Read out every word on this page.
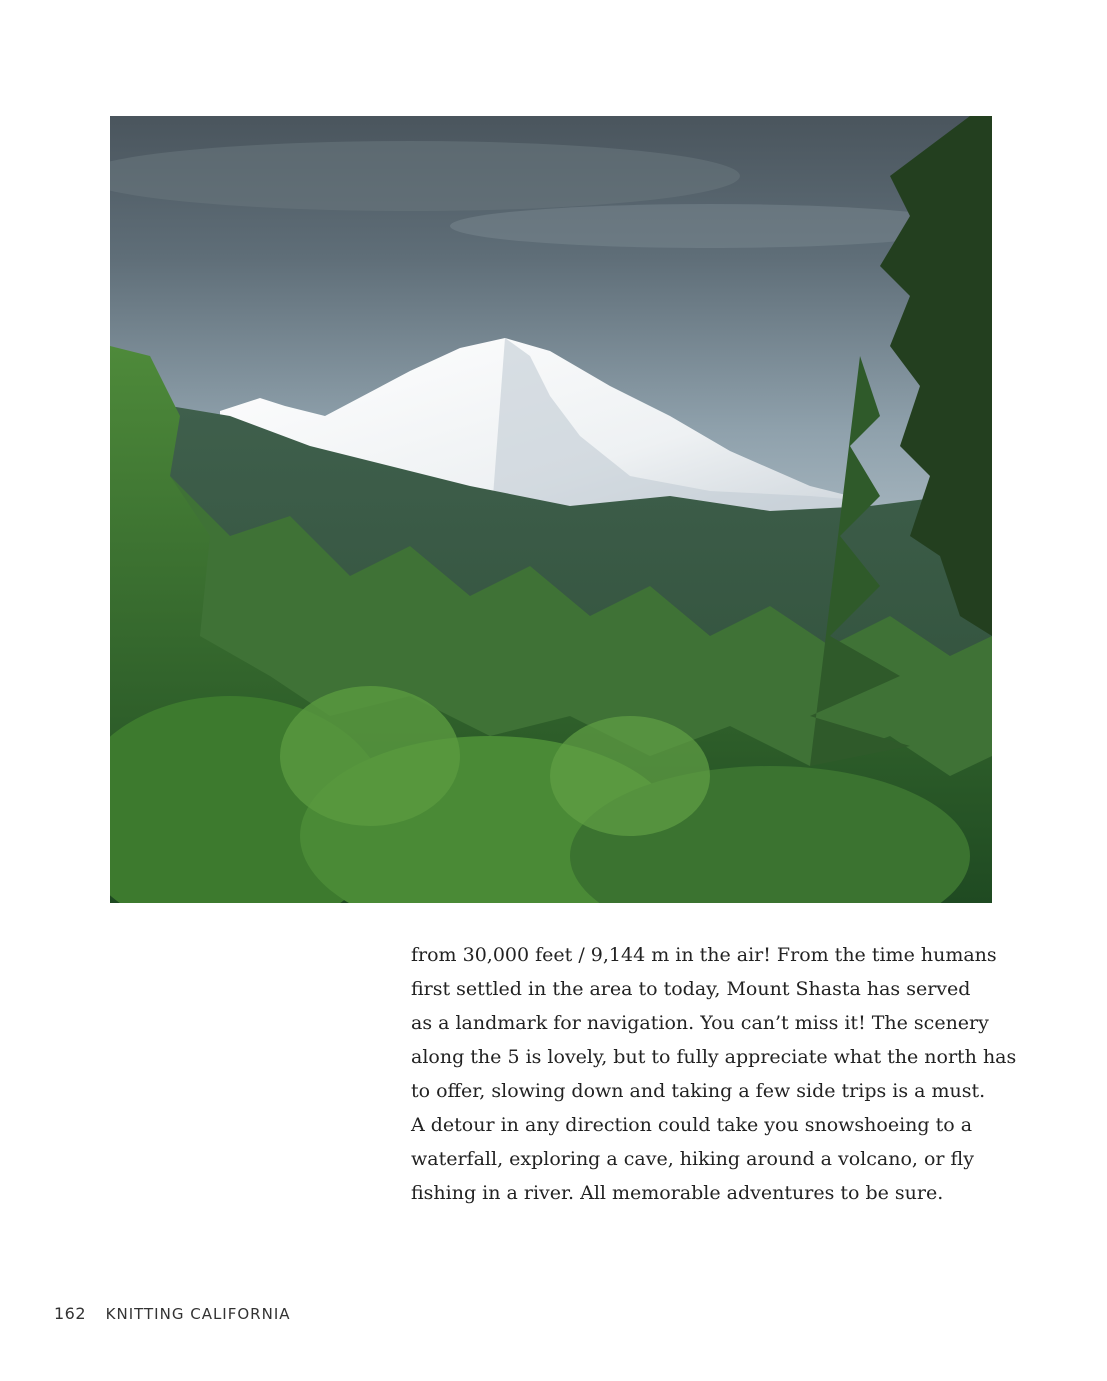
from 30,000 feet / 9,144 m in the air! From the time humans
first settled in the area to today, Mount Shasta has served
as a landmark for navigation. You can’t miss it! The scenery
along the 5 is lovely, but to fully appreciate what the north has
to offer, slowing down and taking a few side trips is a must.
A detour in any direction could take you snowshoeing to a
waterfall, exploring a cave, hiking around a volcano, or fly
fishing in a river. All memorable adventures to be sure.

162 KNITTING CALIFORNIA
